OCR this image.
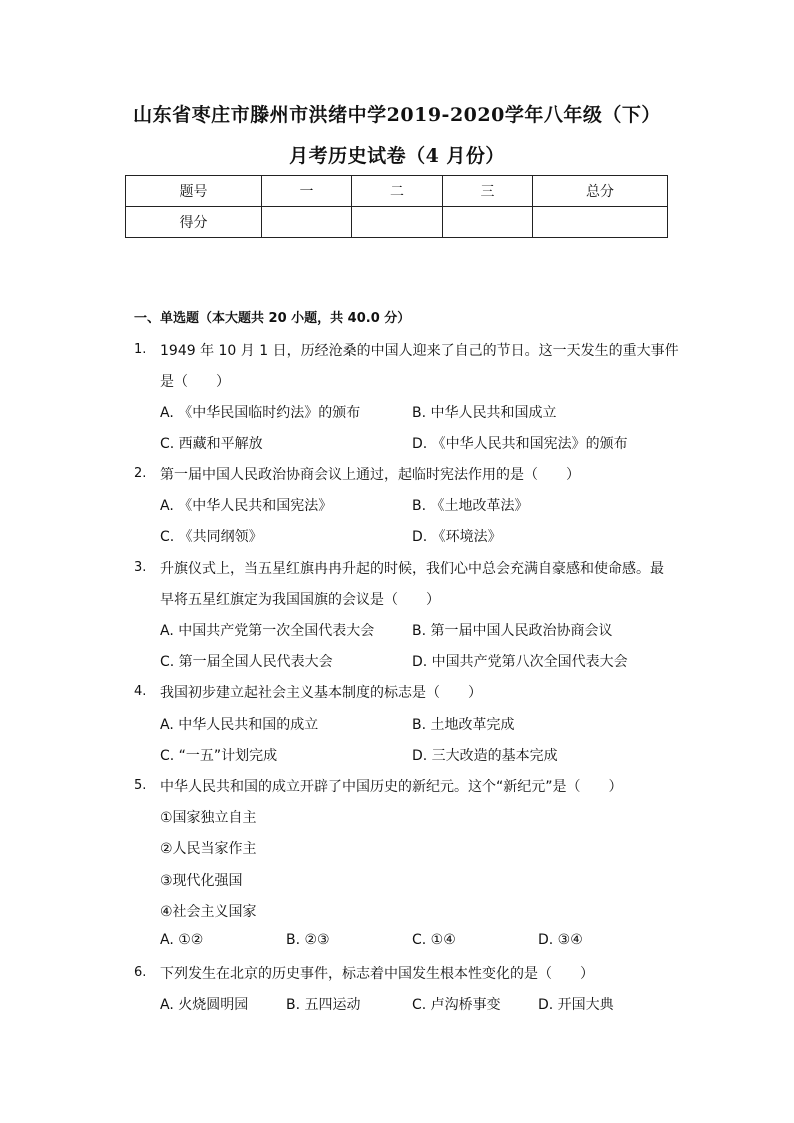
山东省枣庄市滕州市洪绪中学2019-2020学年八年级（下）
月考历史试卷（4 月份）
题号	一	二	三	总分
得分				
一、单选题（本大题共 20 小题，共 40.0 分）
1. 1949 年 10 月 1 日，历经沧桑的中国人迎来了自己的节日。这一天发生的重大事件
是（　　）
A. 《中华民国临时约法》的颁布	B. 中华人民共和国成立
C. 西藏和平解放	D. 《中华人民共和国宪法》的颁布
2. 第一届中国人民政治协商会议上通过，起临时宪法作用的是（　　）
A. 《中华人民共和国宪法》	B. 《土地改革法》
C. 《共同纲领》	D. 《环境法》
3. 升旗仪式上，当五星红旗冉冉升起的时候，我们心中总会充满自豪感和使命感。最
早将五星红旗定为我国国旗的会议是（　　）
A. 中国共产党第一次全国代表大会	B. 第一届中国人民政治协商会议
C. 第一届全国人民代表大会	D. 中国共产党第八次全国代表大会
4. 我国初步建立起社会主义基本制度的标志是（　　）
A. 中华人民共和国的成立	B. 土地改革完成
C. “一五”计划完成	D. 三大改造的基本完成
5. 中华人民共和国的成立开辟了中国历史的新纪元。这个“新纪元”是（　　）
①国家独立自主
②人民当家作主
③现代化强国
④社会主义国家
A. ①②	B. ②③	C. ①④	D. ③④
6. 下列发生在北京的历史事件，标志着中国发生根本性变化的是（　　）
A. 火烧圆明园	B. 五四运动	C. 卢沟桥事变	D. 开国大典
